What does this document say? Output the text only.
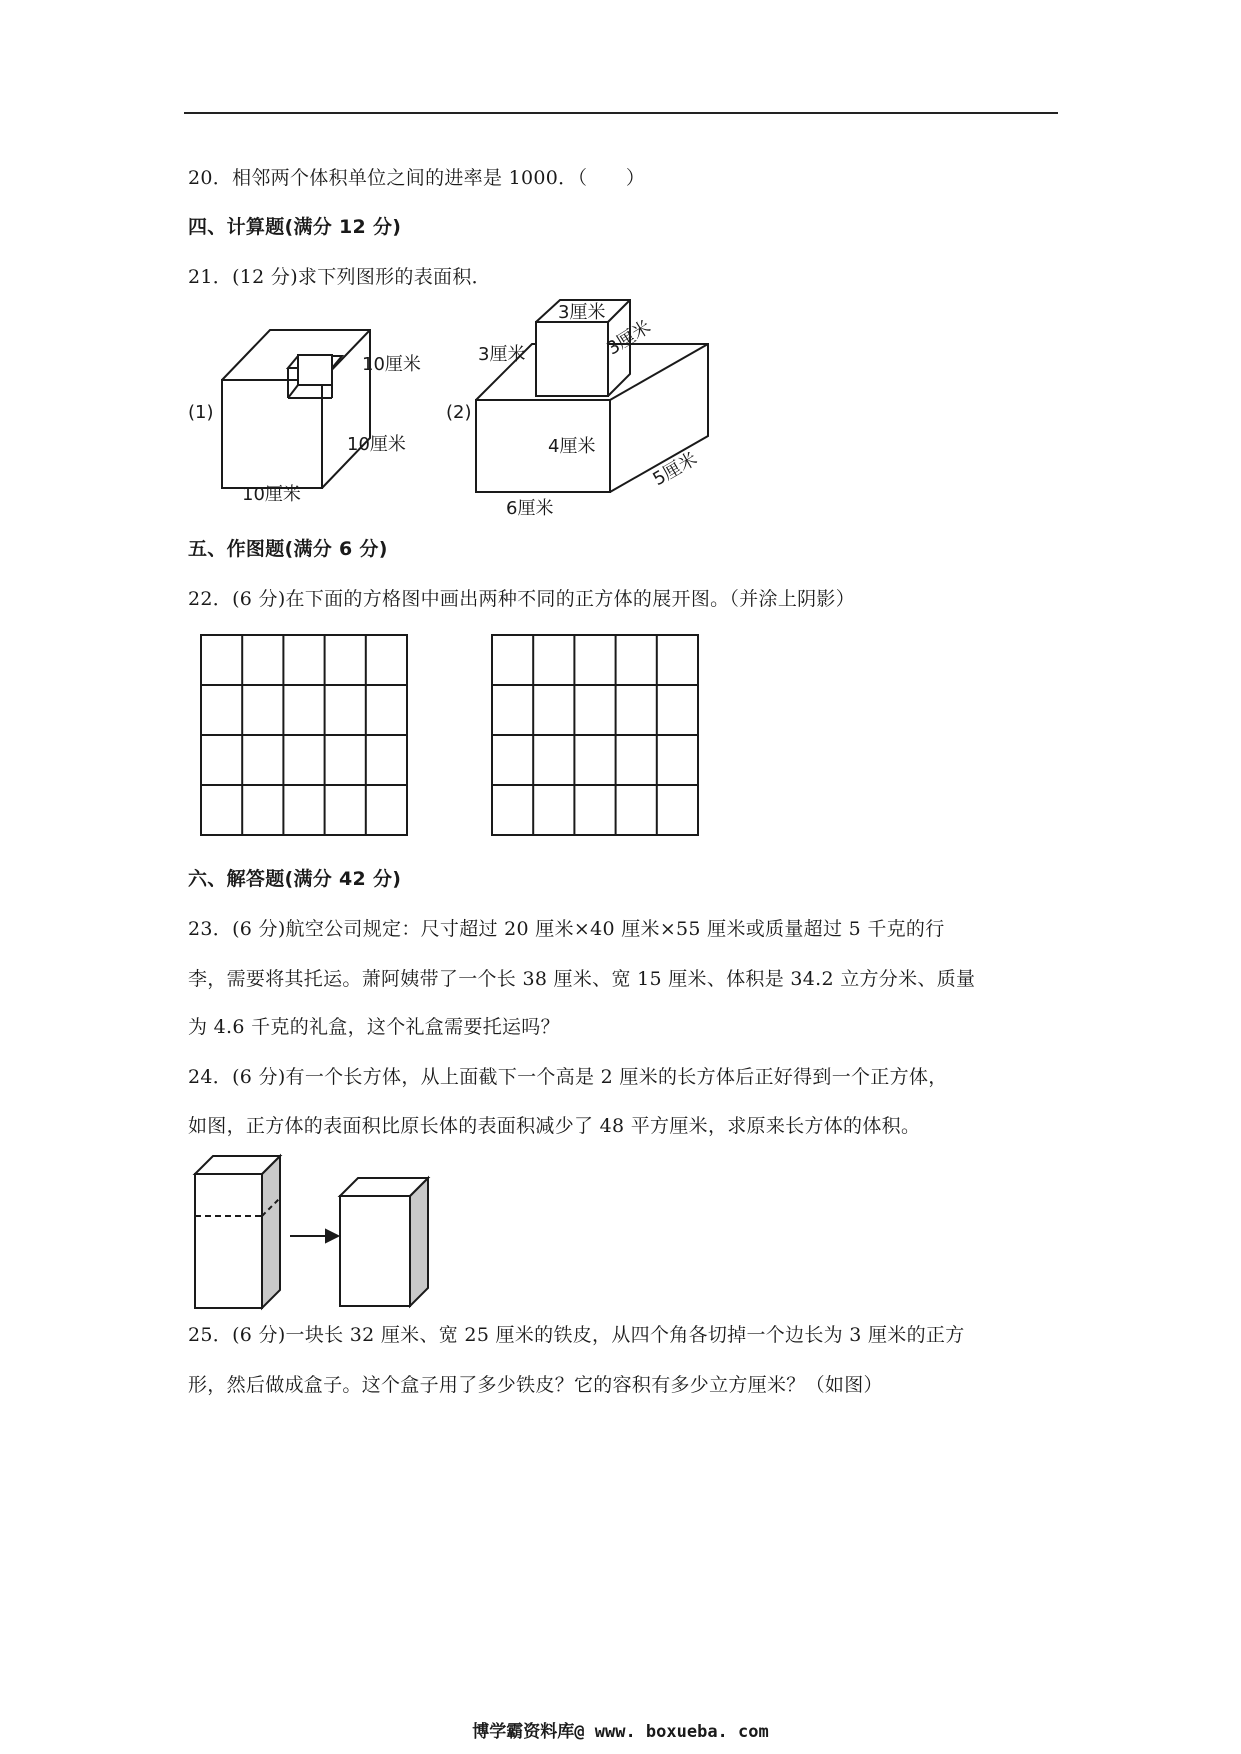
20．相邻两个体积单位之间的进率是 1000．（　　）
四、计算题(满分 12 分)
21．(12 分)求下列图形的表面积．
(1)
10厘米
10厘米
10厘米
(2)
3厘米
3厘米	3厘米
4厘米
5厘米
6厘米
五、作图题(满分 6 分)
22．(6 分)在下面的方格图中画出两种不同的正方体的展开图。（并涂上阴影）
六、解答题(满分 42 分)
23．(6 分)航空公司规定：尺寸超过 20 厘米×40 厘米×55 厘米或质量超过 5 千克的行
李，需要将其托运。萧阿姨带了一个长 38 厘米、宽 15 厘米、体积是 34.2 立方分米、质量
为 4.6 千克的礼盒，这个礼盒需要托运吗？
24．(6 分)有一个长方体，从上面截下一个高是 2 厘米的长方体后正好得到一个正方体，
如图，正方体的表面积比原长体的表面积减少了 48 平方厘米，求原来长方体的体积。
25．(6 分)一块长 32 厘米、宽 25 厘米的铁皮，从四个角各切掉一个边长为 3 厘米的正方
形，然后做成盒子。这个盒子用了多少铁皮？它的容积有多少立方厘米？（如图）
博学霸资料库@ www. boxueba. com
